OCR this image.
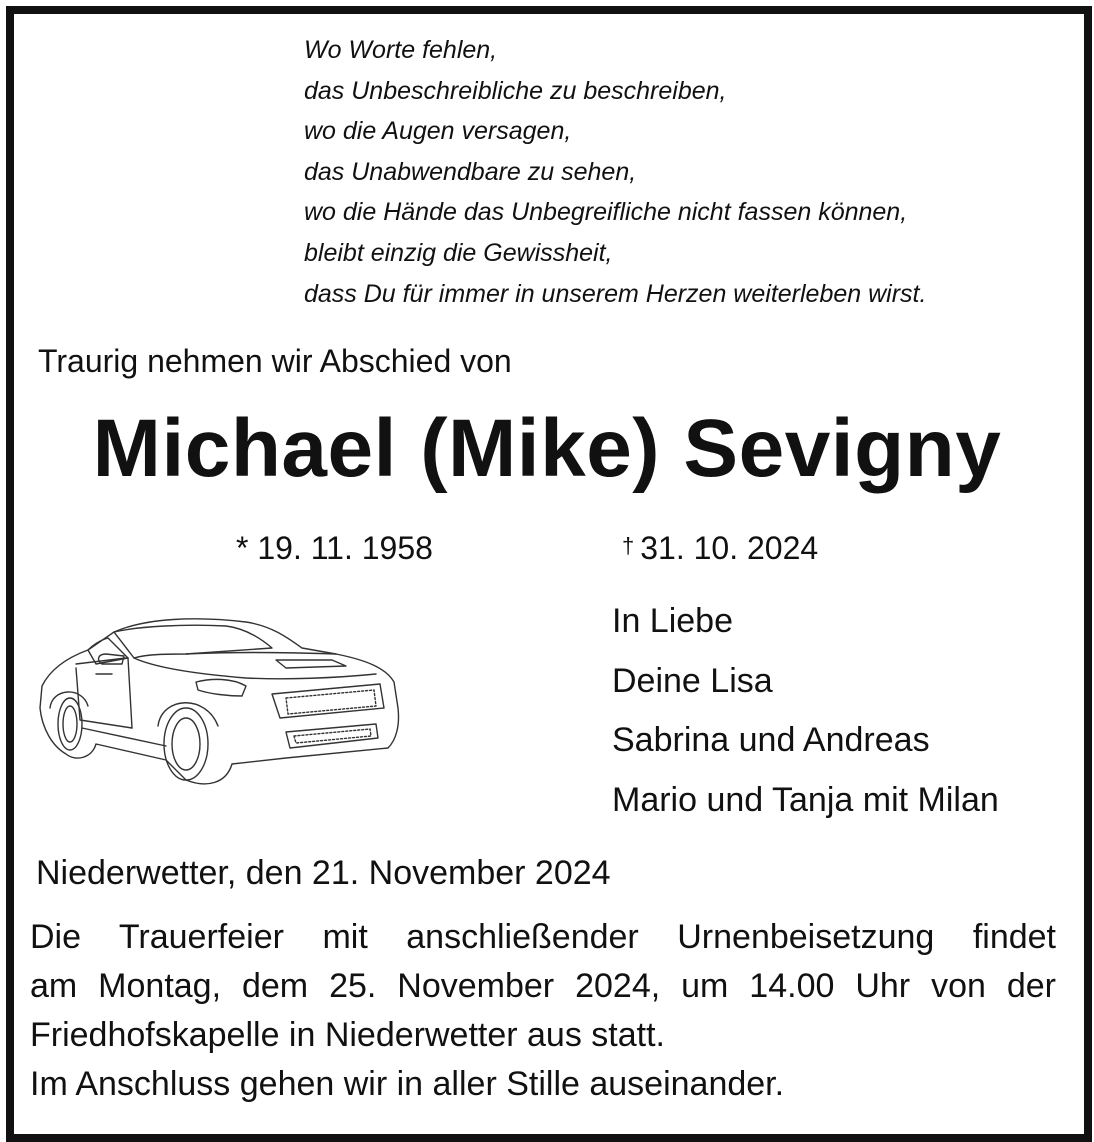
Wo Worte fehlen,
das Unbeschreibliche zu beschreiben,
wo die Augen versagen,
das Unabwendbare zu sehen,
wo die Hände das Unbegreifliche nicht fassen können,
bleibt einzig die Gewissheit,
dass Du für immer in unserem Herzen weiterleben wirst.
Traurig nehmen wir Abschied von
Michael (Mike) Sevigny
* 19. 11. 1958	† 31. 10. 2024
In Liebe
Deine Lisa
Sabrina und Andreas
Mario und Tanja mit Milan
Niederwetter, den 21. November 2024
Die Trauerfeier mit anschließender Urnenbeisetzung findet
am Montag, dem 25. November 2024, um 14.00 Uhr von der
Friedhofskapelle in Niederwetter aus statt.
Im Anschluss gehen wir in aller Stille auseinander.
